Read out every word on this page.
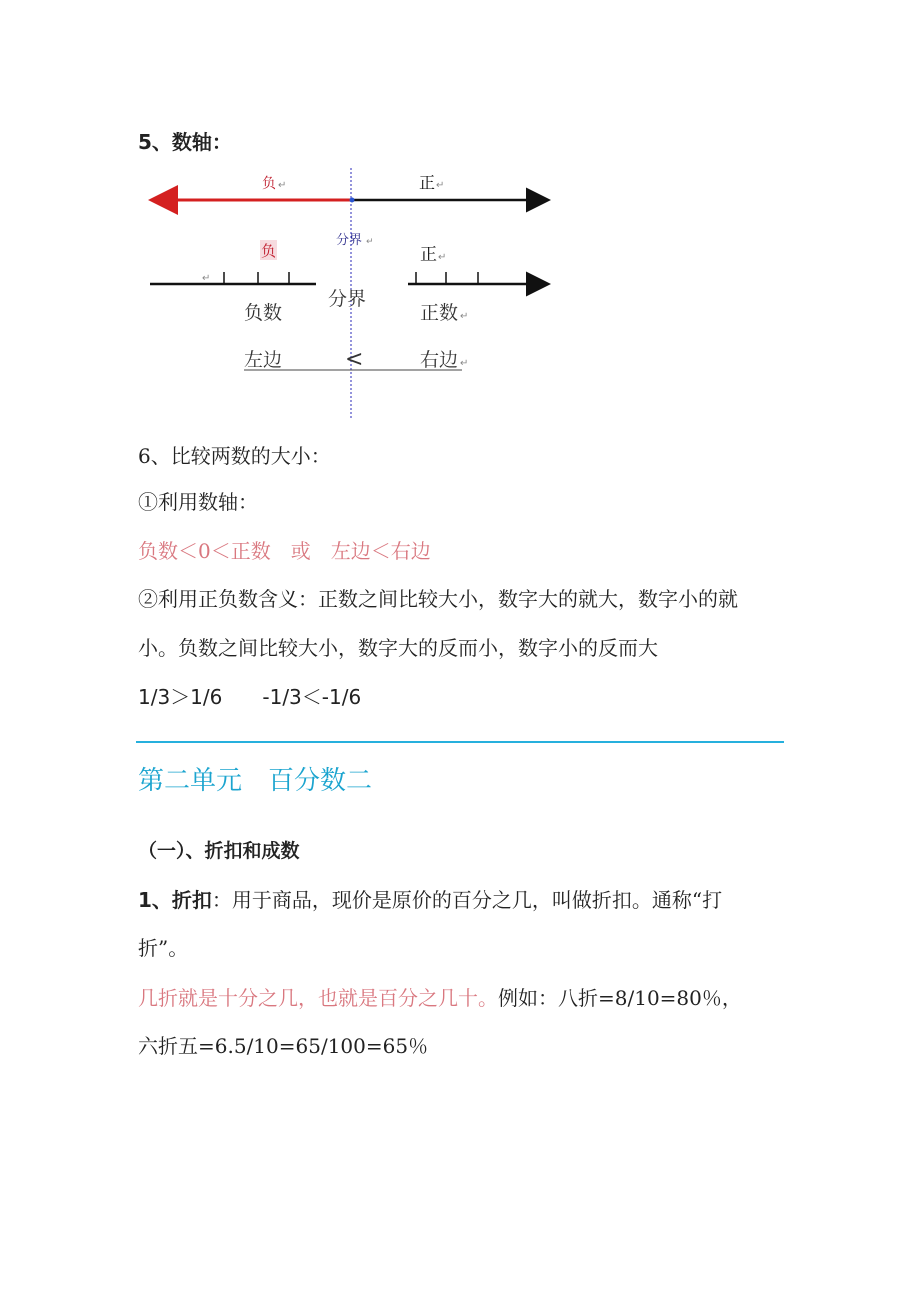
5、数轴：
负 ↵	正 ↵
分界 ↵
负	正 ↵
↵
分界
负数	正数 ↵
左边	<	右边 ↵
6、比较两数的大小：
①利用数轴：
负数＜0＜正数　或　左边＜右边
②利用正负数含义：正数之间比较大小，数字大的就大，数字小的就
小。负数之间比较大小，数字大的反而小，数字小的反而大
1/3＞1/6　　-1/3＜-1/6
第二单元　百分数二
（一）、折扣和成数
1、折扣：用于商品，现价是原价的百分之几，叫做折扣。通称“打
折”。
几折就是十分之几，也就是百分之几十。例如：八折=8/10=80％，
六折五=6.5/10=65/100=65％
